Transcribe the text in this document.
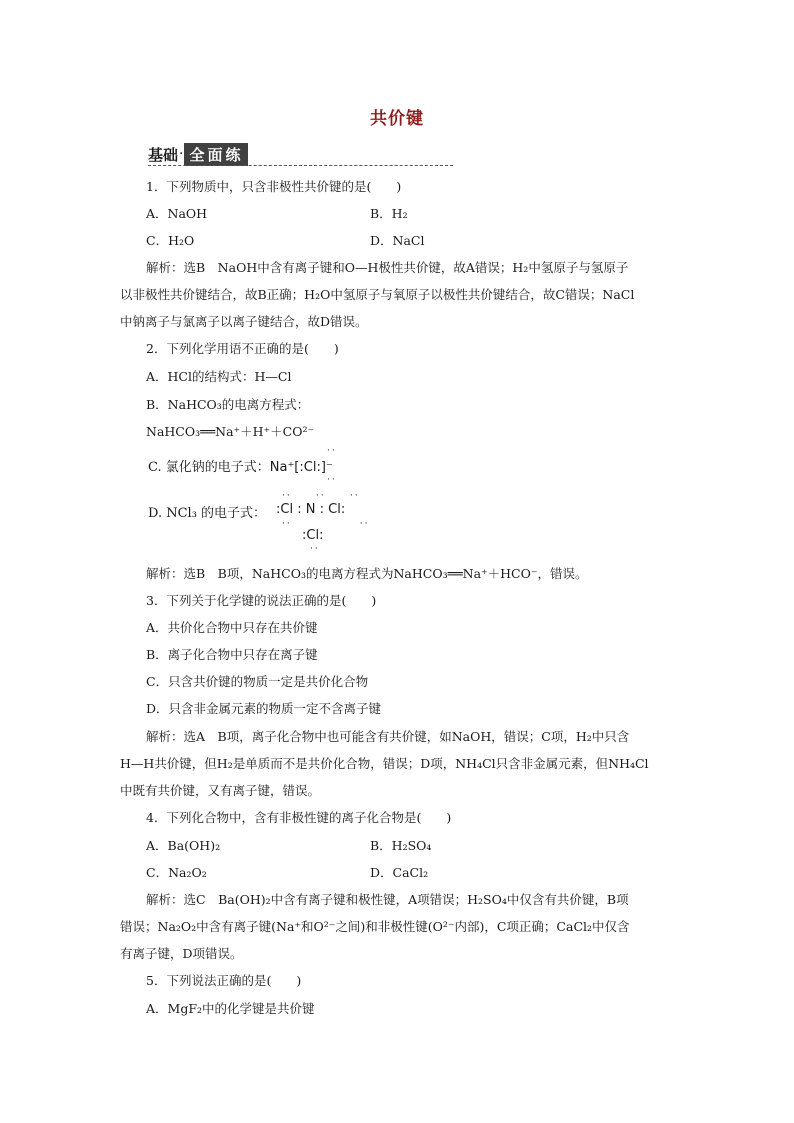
共价键
基础 · 全面练
1．下列物质中，只含非极性共价键的是(　　)
A．NaOH	B．H₂
C．H₂O	D．NaCl
解析：选B　NaOH中含有离子键和O—H极性共价键，故A错误；H₂中氢原子与氢原子
以非极性共价键结合，故B正确；H₂O中氢原子与氧原子以极性共价键结合，故C错误；NaCl
中钠离子与氯离子以离子键结合，故D错误。
2．下列化学用语不正确的是(　　)
A．HCl的结构式：H—Cl
B．NaHCO₃的电离方程式：
NaHCO₃══Na⁺＋H⁺＋CO²⁻
C. 氯化钠的电子式：Na⁺[:Cl:]⁻
··
··
D. NCl₃ 的电子式： :Cl : N : Cl:
··     ··     ··
··              ··
:Cl:
··
解析：选B　B项，NaHCO₃的电离方程式为NaHCO₃══Na⁺＋HCO⁻，错误。
3．下列关于化学键的说法正确的是(　　)
A．共价化合物中只存在共价键
B．离子化合物中只存在离子键
C．只含共价键的物质一定是共价化合物
D．只含非金属元素的物质一定不含离子键
解析：选A　B项，离子化合物中也可能含有共价键，如NaOH，错误；C项，H₂中只含
H—H共价键，但H₂是单质而不是共价化合物，错误；D项，NH₄Cl只含非金属元素，但NH₄Cl
中既有共价键，又有离子键，错误。
4．下列化合物中，含有非极性键的离子化合物是(　　)
A．Ba(OH)₂	B．H₂SO₄
C．Na₂O₂	D．CaCl₂
解析：选C　Ba(OH)₂中含有离子键和极性键，A项错误；H₂SO₄中仅含有共价键，B项
错误；Na₂O₂中含有离子键(Na⁺和O²⁻之间)和非极性键(O²⁻内部)，C项正确；CaCl₂中仅含
有离子键，D项错误。
5．下列说法正确的是(　　)
A．MgF₂中的化学键是共价键
